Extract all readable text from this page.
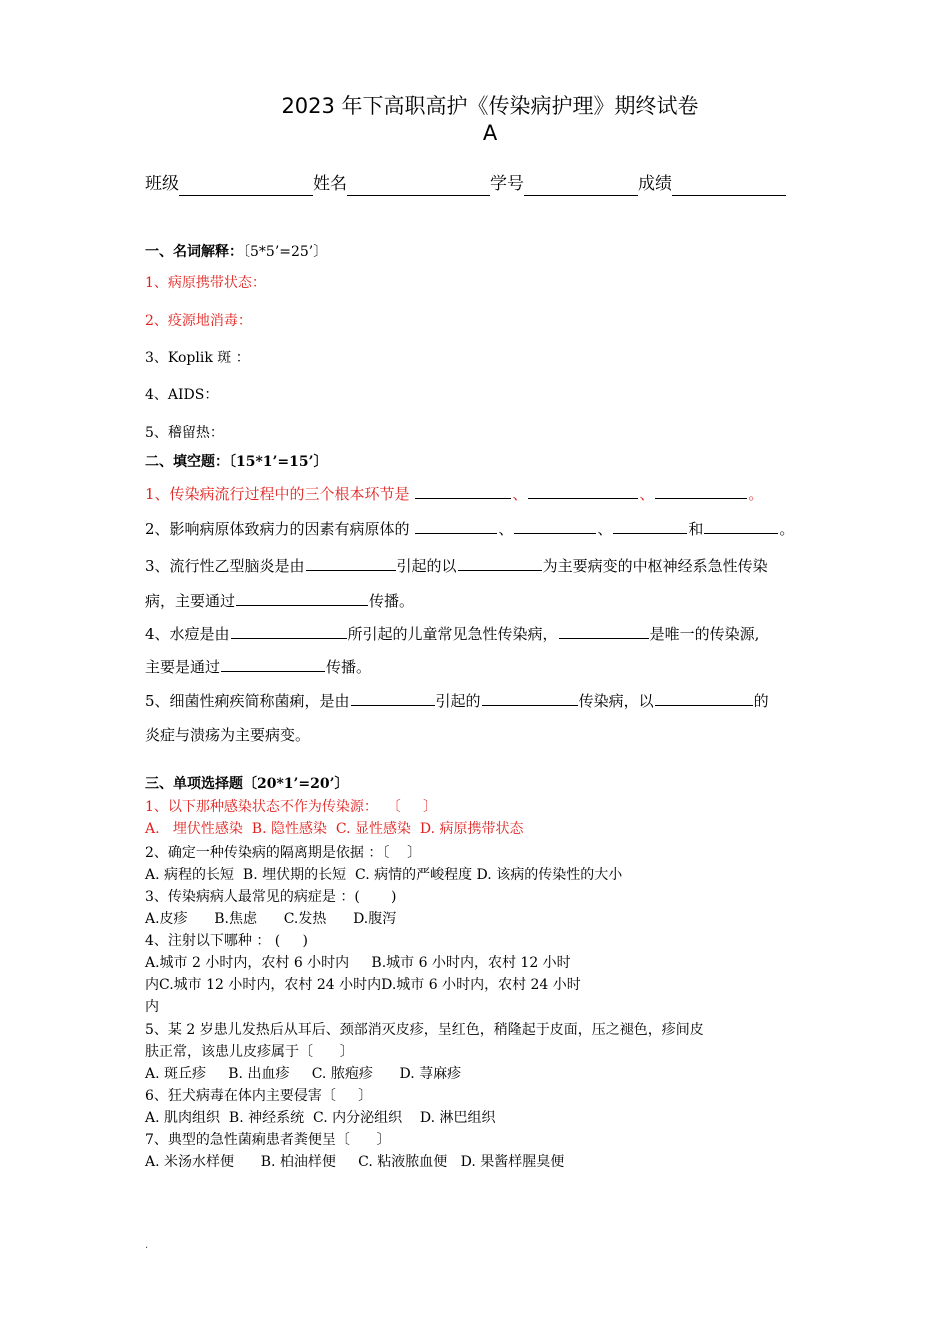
2023 年下高职高护《传染病护理》期终试卷
A
班级	姓名	学号	成绩
一、名词解释：〔5*5’=25’〕
1、病原携带状态：
2、疫源地消毒：
3、Koplik 斑 ：
4、AIDS：
5、稽留热：
二、填空题：〔15*1’=15’〕
1、传染病流行过程中的三个根本环节是	、	、	。
2、影响病原体致病力的因素有病原体的	、	、	和	。
3、流行性乙型脑炎是由	引起的以	为主要病变的中枢神经系急性传染
病，主要通过	传播。
4、水痘是由	所引起的儿童常见急性传染病，	是唯一的传染源,
主要是通过	传播。
5、细菌性痢疾简称菌痢，是由	引起的	传染病，以	的
炎症与溃疡为主要病变。
三、单项选择题〔20*1’=20’〕
1、以下那种感染状态不作为传染源：  〔     〕
A.   埋伏性感染  B. 隐性感染  C. 显性感染  D. 病原携带状态
2、确定一种传染病的隔离期是依据 ：〔    〕
A. 病程的长短  B. 埋伏期的长短  C. 病情的严峻程度 D. 该病的传染性的大小
3、传染病病人最常见的病症是 ：(       )
A.皮疹      B.焦虑      C.发热      D.腹泻
4、注射以下哪种 ： (     )
A.城市 2 小时内，农村 6 小时内     B.城市 6 小时内，农村 12 小时
内C.城市 12 小时内，农村 24 小时内D.城市 6 小时内，农村 24 小时
内
5、某 2 岁患儿发热后从耳后、颈部消灭皮疹，呈红色，稍隆起于皮面，压之褪色，疹间皮
肤正常，该患儿皮疹属于〔      〕
A. 斑丘疹     B. 出血疹     C. 脓疱疹      D. 荨麻疹
6、狂犬病毒在体内主要侵害〔     〕
A. 肌肉组织  B. 神经系统  C. 内分泌组织    D. 淋巴组织
7、典型的急性菌痢患者粪便呈〔      〕
A. 米汤水样便      B. 柏油样便     C. 粘液脓血便   D. 果酱样腥臭便
.
